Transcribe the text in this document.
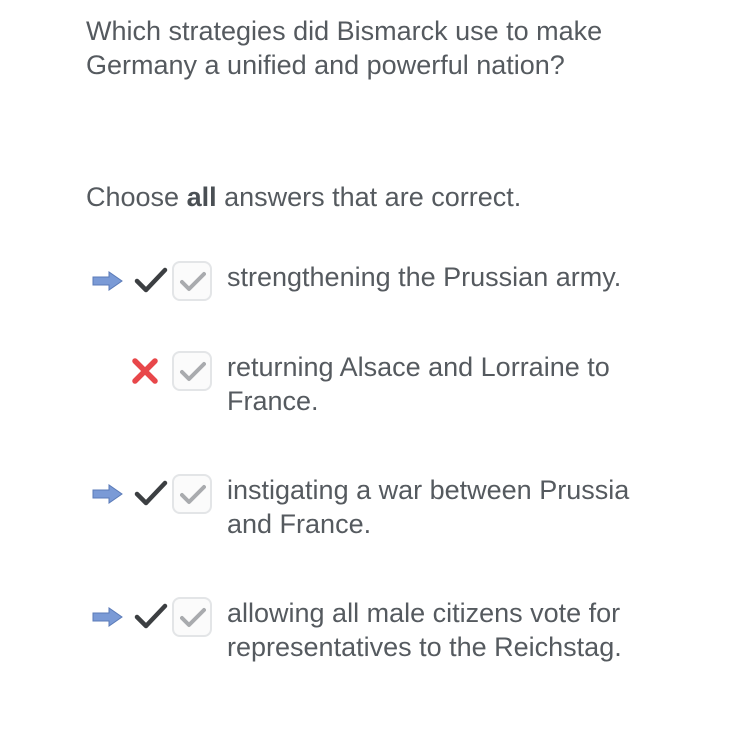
Which strategies did Bismarck use to make Germany a unified and powerful nation?

Choose all answers that are correct.

strengthening the Prussian army.
returning Alsace and Lorraine to France.
instigating a war between Prussia and France.
allowing all male citizens vote for representatives to the Reichstag.
